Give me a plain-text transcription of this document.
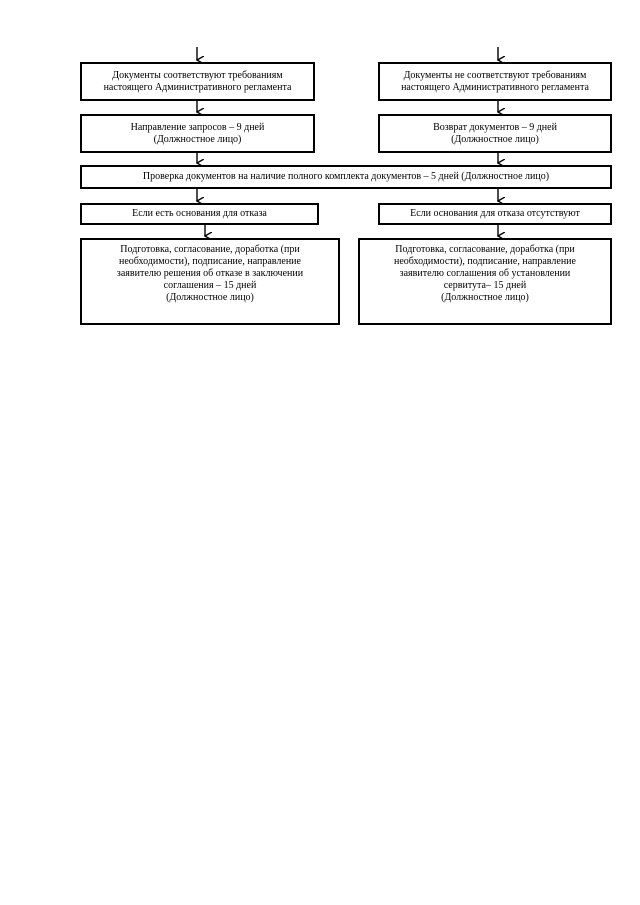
Документы соответствуют требованиям
настоящего Административного регламента
Документы не соответствуют требованиям
настоящего Административного регламента
Направление запросов – 9 дней
(Должностное лицо)
Возврат документов – 9 дней
(Должностное лицо)
Проверка документов на наличие полного комплекта документов – 5 дней (Должностное лицо)
Если есть основания для отказа	Если основания для отказа отсутствуют
Подготовка, согласование, доработка (при
необходимости), подписание, направление
заявителю решения об отказе в заключении
соглашения – 15 дней
(Должностное лицо)
Подготовка, согласование, доработка (при
необходимости), подписание, направление
заявителю соглашения об установлении
сервитута– 15 дней
(Должностное лицо)
